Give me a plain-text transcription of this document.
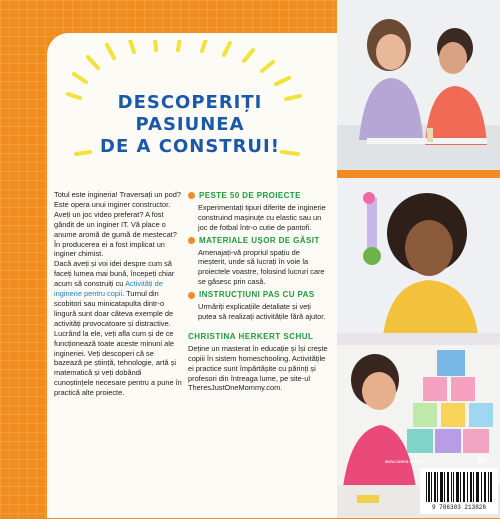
DESCOPERIȚI
PASIUNEA
DE A CONSTRUI!

Totul este ingineria! Traversați un pod? Este opera unui inginer constructor. Aveți un joc video preferat? A fost gândit de un inginer IT. Vă place o anume aromă de gumă de mestecat? În producerea ei a fost implicat un inginer chimist.

Dacă aveți și voi idei despre cum să faceți lumea mai bună, începeți chiar acum să construiți cu Activități de inginerie pentru copii. Turnul din scobitori sau minicatapulta dintr-o lingură sunt doar câteva exemple de activități provocatoare și distractive.

Lucrând la ele, veți afla cum și de ce funcționează toate aceste minuni ale ingineriei. Veți descoperi că se bazează pe știință, tehnologie, artă și matematică și veți dobândi cunoștințele necesare pentru a pune în practică alte proiecte.

PESTE 50 DE PROIECTE

Experimentați tipuri diferite de inginerie construind mașinuțe cu elastic sau un joc de fotbal într-o cutie de pantofi.

MATERIALE UȘOR DE GĂSIT

Amenajați-vă propriul spațiu de meșterit, unde să lucrați în voie la proiectele voastre, folosind lucruri care se găsesc prin casă.

INSTRUCȚIUNI PAS CU PAS

Urmăriți explicațiile detaliate și veți putea să realizați activitățile fără ajutor.

CHRISTINA HERKERT SCHUL

Deține un masterat în educație și își crește copiii în sistem homeschooling. Activitățile ei practice sunt împărtășite cu părinți și profesori din întreaga lume, pe site-ul TheresJustOneMommy.com.

www.cartea-arthur.ro	6+
9 786303 213828
